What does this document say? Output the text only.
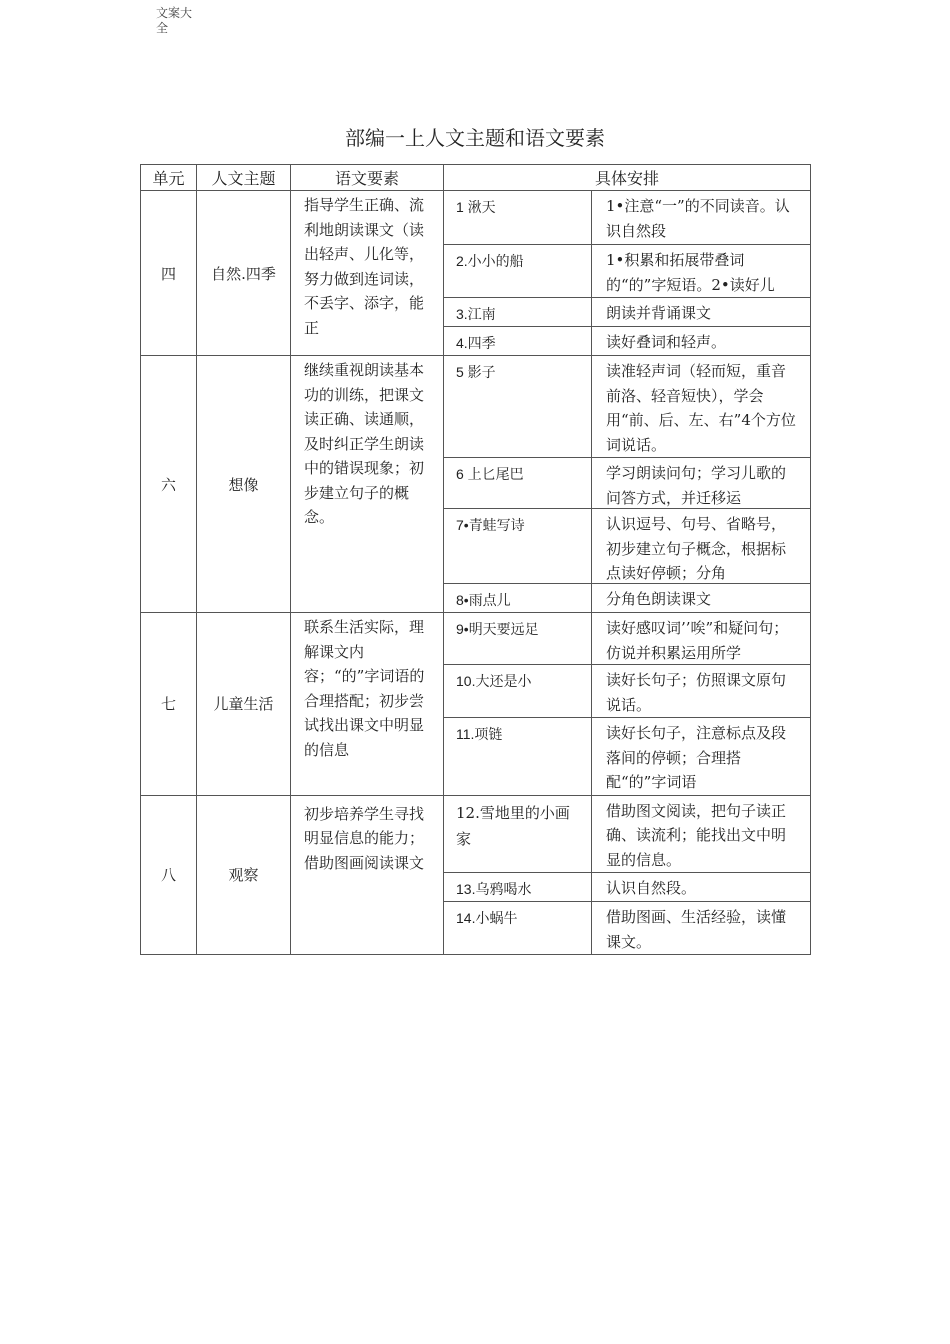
文案大全
部编一上人文主题和语文要素
单元	人文主题	语文要素	具体安排	
四	自然.四季	指导学生正确、流利地朗读课文（读出轻声、儿化等，努力做到连词读，不丢字、添字，能正	1 湫天	1•注意“一”的不同读音。认识自然段

			2.小小的船	1•积累和拓展带叠词的“的”字短语。2•读好儿

			3.江南	朗读并背诵课文

			4.四季	读好叠词和轻声。

六	想像	继续重视朗读基本功的训练，把课文读正确、读通顺，及时纠正学生朗读中的错误现象；初步建立句子的概念。	5 影子	读准轻声词（轻而短，重音前洛、轻音短快），学会用“前、后、左、右”4个方位词说话。
			6 上匕尾巴	学习朗读问句；学习儿歌的问答方式，并迁移运

			7•青蛙写诗	认识逗号、句号、省略号，初步建立句子概念，根据标点读好停顿；分角

			8•雨点儿	分角色朗读课文

七	儿童生活	联系生活实际，理解课文内容；“的”字词语的合理搭配；初步尝试找出课文中明显的信息	9•明天要远足	读好感叹词’’唉”和疑问句；仿说并积累运用所学

			10.大还是小	读好长句子；仿照课文原句说话。
			11.项链	读好长句子，注意标点及段落间的停顿；合理搭配“的”字词语
八	观察	初步培养学生寻找明显信息的能力；借助图画阅读课文	12.雪地里的小画家	借助图文阅读，把句子读正确、读流利；能找出文中明显的信息。
			13.乌鸦喝水	认识自然段。
			14.小蜗牛	借助图画、生活经验，读懂课文。
